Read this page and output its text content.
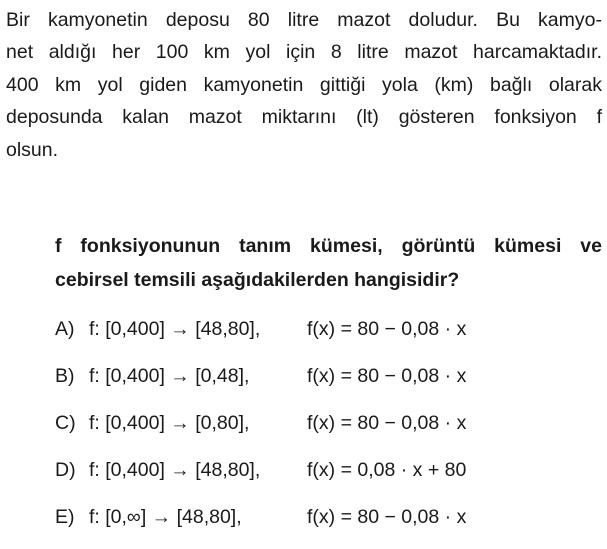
Bir kamyonetin deposu 80 litre mazot doludur. Bu kamyo-
net aldığı her 100 km yol için 8 litre mazot harcamaktadır.
400 km yol giden kamyonetin gittiği yola (km) bağlı olarak
deposunda kalan mazot miktarını (lt) gösteren fonksiyon f
olsun.
f fonksiyonunun tanım kümesi, görüntü kümesi ve
cebirsel temsili aşağıdakilerden hangisidir?
A) f: [0,400] → [48,80], f(x) = 80 − 0,08 · x
B) f: [0,400] → [0,48],	f(x) = 80 − 0,08 · x
C) f: [0,400] → [0,80],	f(x) = 80 − 0,08 · x
D) f: [0,400] → [48,80], f(x) = 0,08 · x + 80
E) f: [0,∞] → [48,80],	f(x) = 80 − 0,08 · x
